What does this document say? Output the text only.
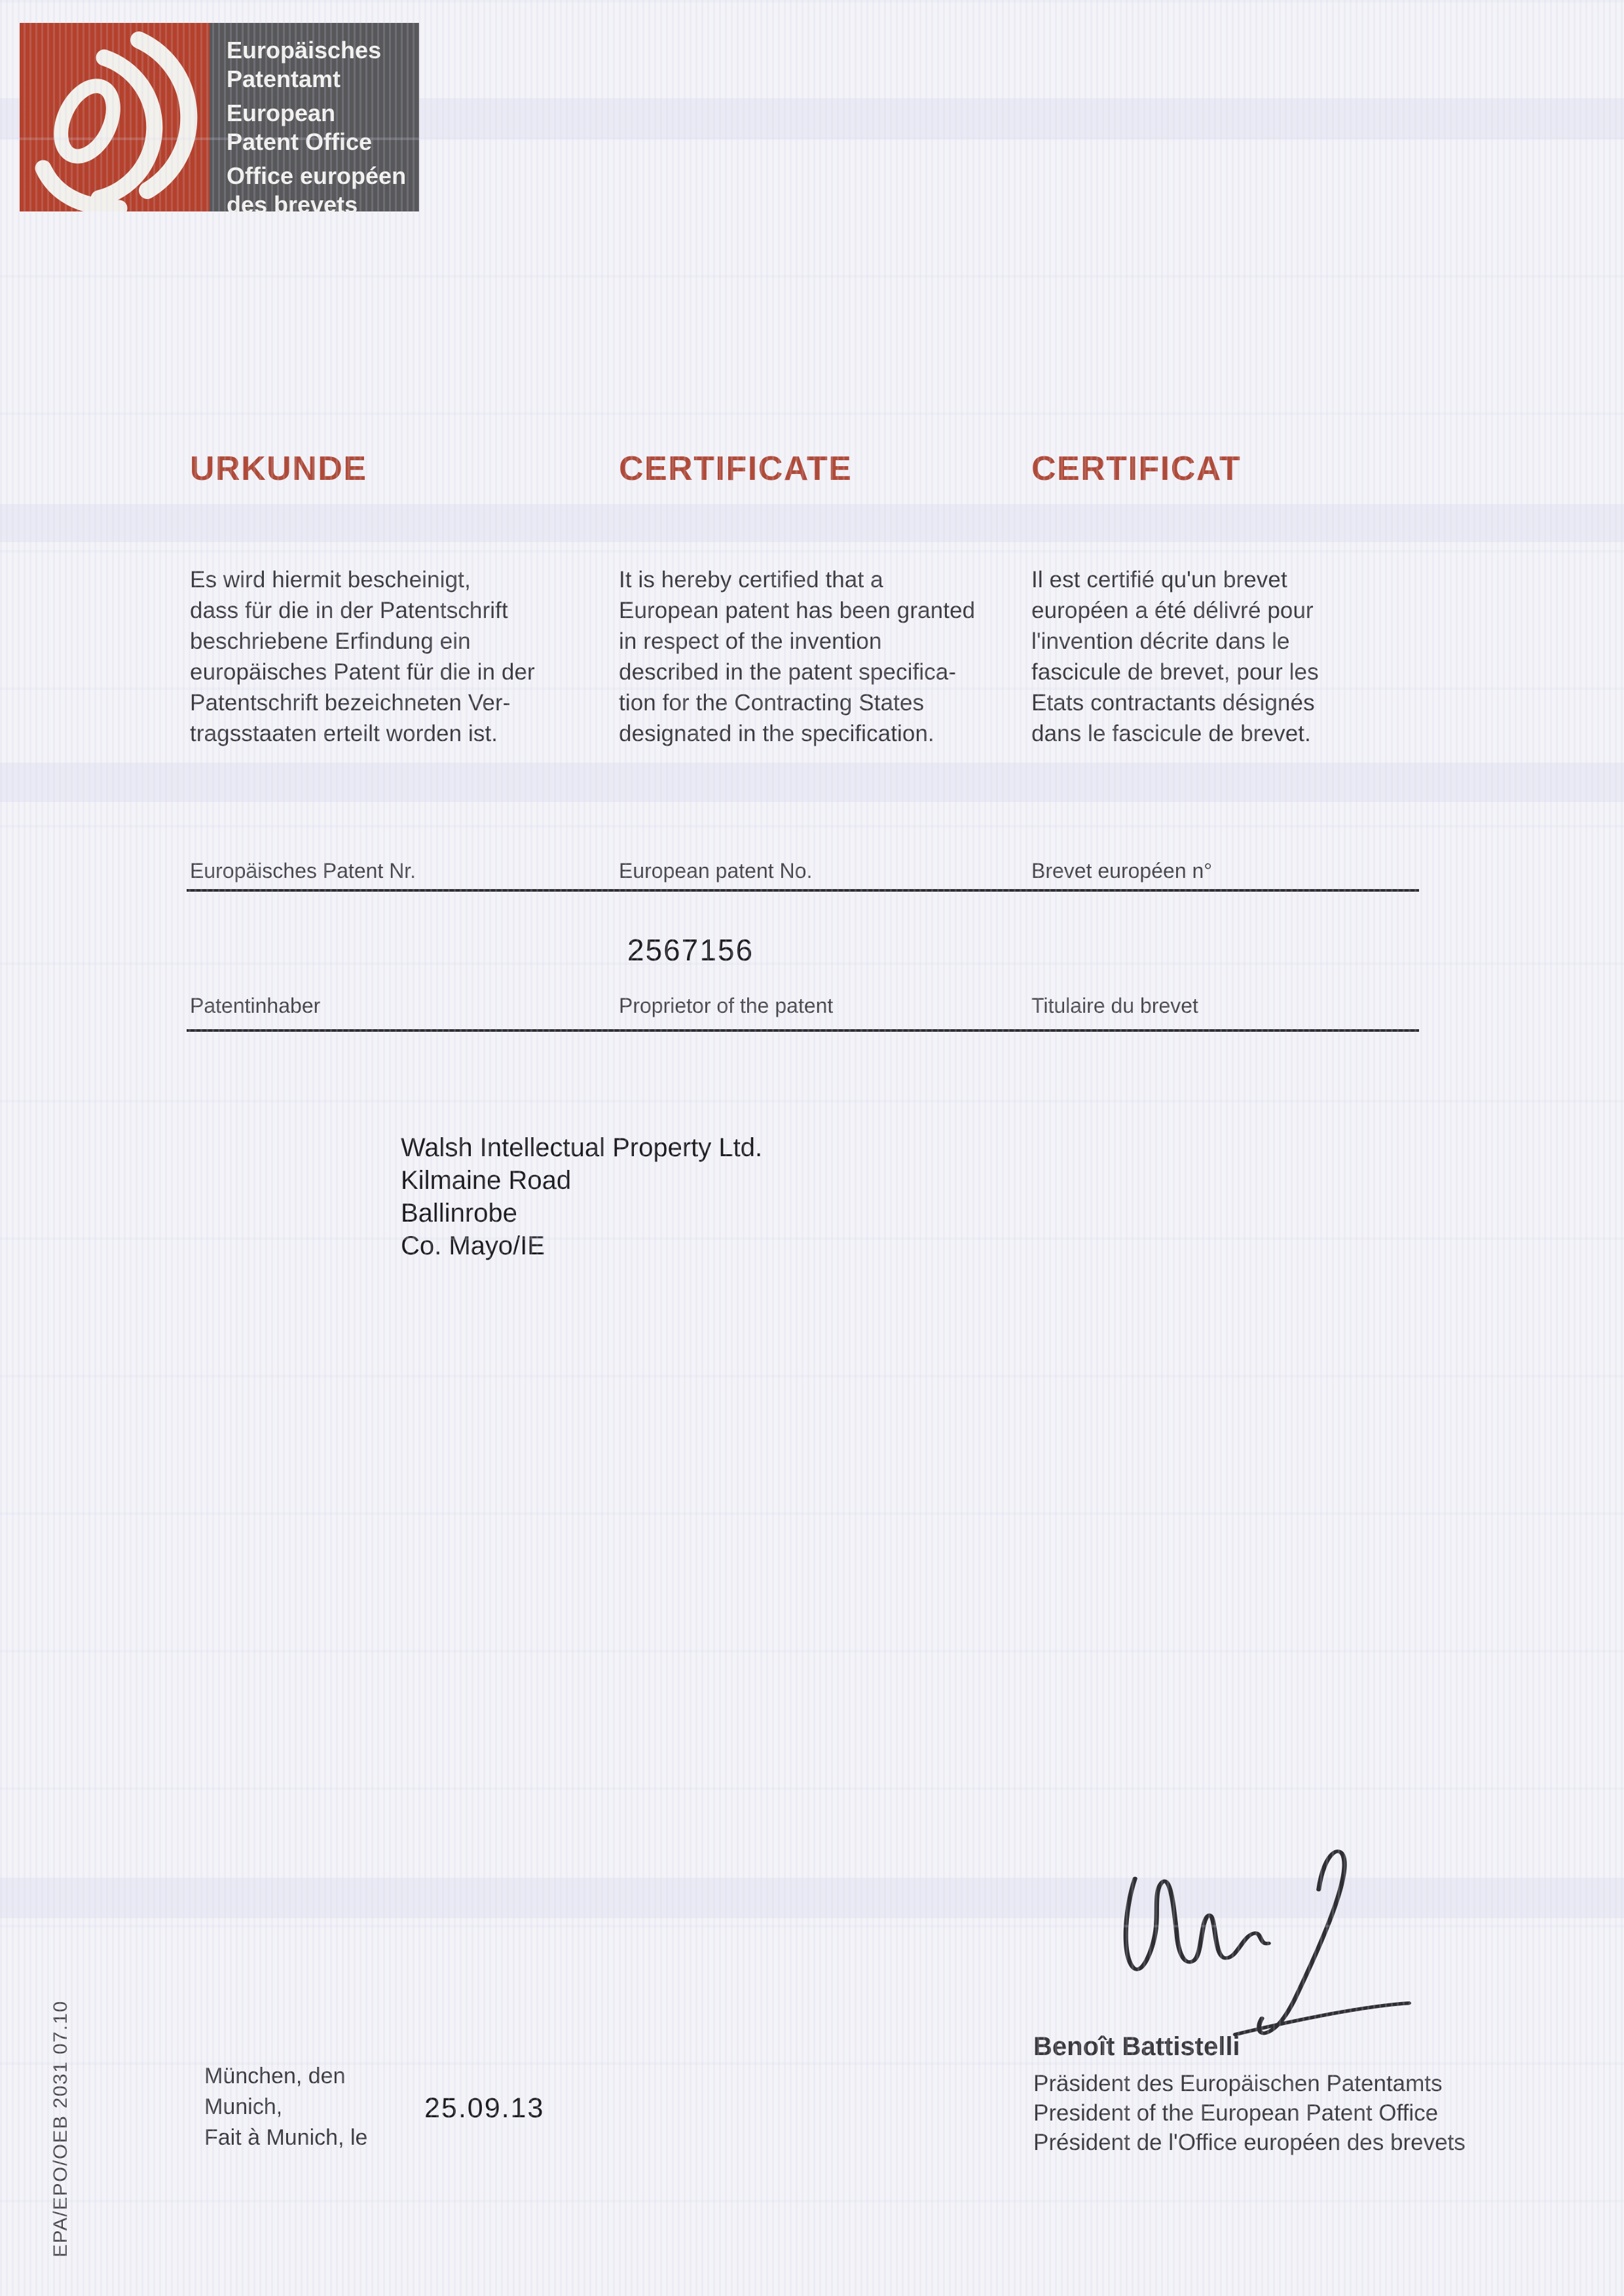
Europäisches
Patentamt
European
Patent Office
Office européen
des brevets
URKUNDE	CERTIFICATE	CERTIFICAT
Es wird hiermit bescheinigt,
dass für die in der Patentschrift
beschriebene Erfindung ein
europäisches Patent für die in der
Patentschrift bezeichneten Ver-
tragsstaaten erteilt worden ist.
It is hereby certified that a
European patent has been granted
in respect of the invention
described in the patent specifica-
tion for the Contracting States
designated in the specification.
Il est certifié qu'un brevet
européen a été délivré pour
l'invention décrite dans le
fascicule de brevet, pour les
Etats contractants désignés
dans le fascicule de brevet.
Europäisches Patent Nr.	European patent No.	Brevet européen n°
2567156
Patentinhaber	Proprietor of the patent	Titulaire du brevet
Walsh Intellectual Property Ltd.
Kilmaine Road
Ballinrobe
Co. Mayo/IE
Benoît Battistelli
Präsident des Europäischen Patentamts
President of the European Patent Office
Président de l'Office européen des brevets
München, den
Munich,
Fait à Munich, le
25.09.13
EPA/EPO/OEB 2031 07.10
